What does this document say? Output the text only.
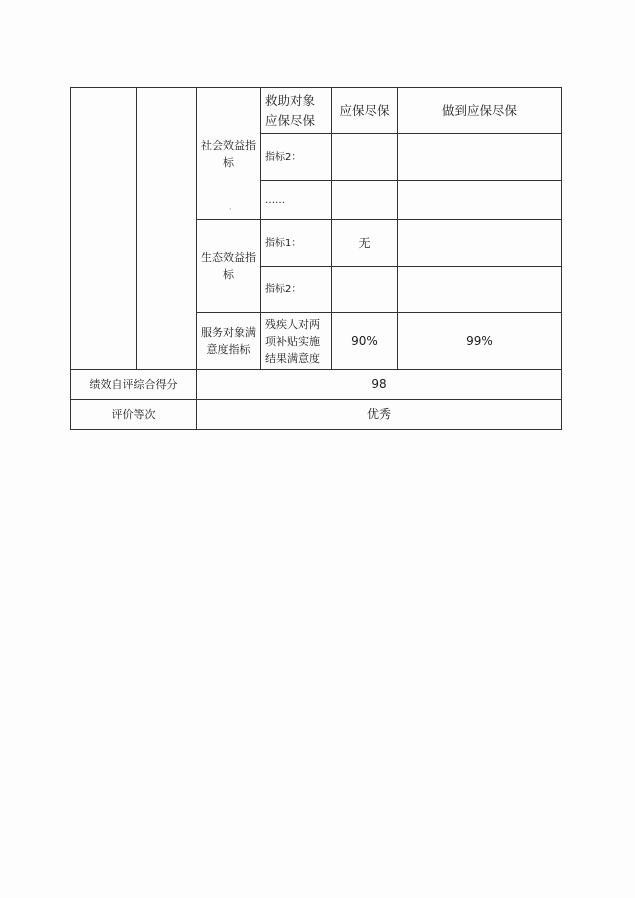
		社会效益指标	救助对象应保尽保	应保尽保	做到应保尽保
			指标2：		
			……		
		生态效益指标	指标1：	无	
			指标2：		
		服务对象满意度指标	残疾人对两项补贴实施结果满意度	90%	99%
绩效自评综合得分		98			
评价等次		优秀			
·
